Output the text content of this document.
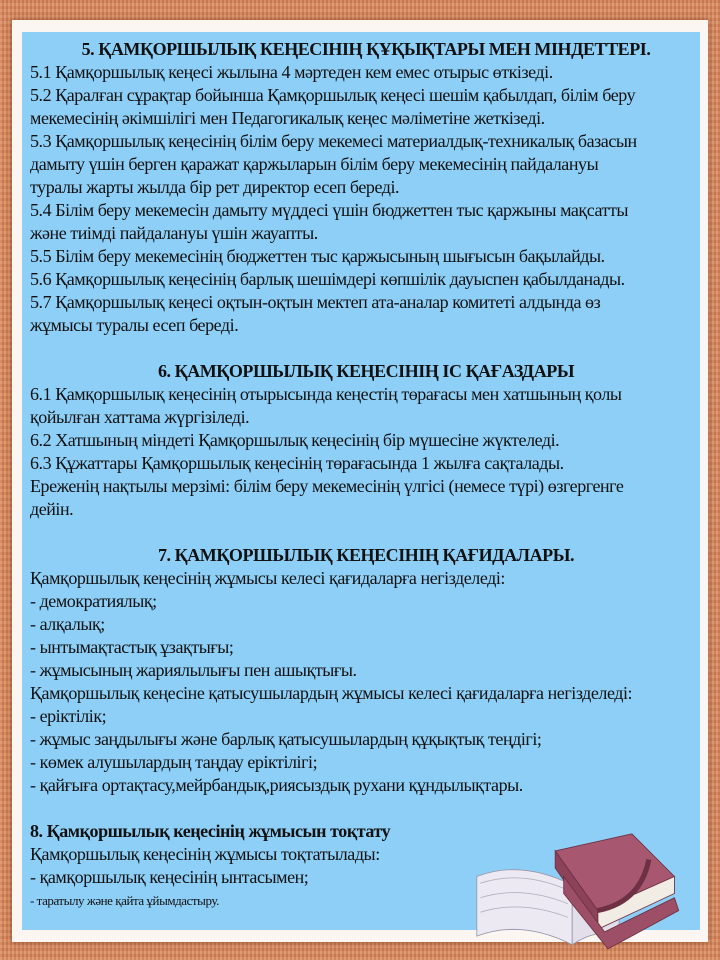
5. ҚАМҚОРШЫЛЫҚ КЕҢЕСІНІҢ ҚҰҚЫҚТАРЫ МЕН МІНДЕТТЕРІ.
5.1 Қамқоршылық кеңесі жылына 4 мәртеден кем емес отырыс өткізеді.
5.2 Қаралған сұрақтар бойынша Қамқоршылық кеңесі шешім қабылдап, білім беру
мекемесінің әкімшілігі мен Педагогикалық кеңес мәліметіне жеткізеді.
5.3 Қамқоршылық кеңесінің білім беру мекемесі материалдық-техникалық базасын
дамыту үшін берген қаражат қаржыларын білім беру мекемесінің пайдалануы
туралы жарты жылда бір рет директор есеп береді.
5.4 Білім беру мекемесін дамыту мүддесі үшін бюджеттен тыс қаржыны мақсатты
және тиімді пайдалануы үшін жауапты.
5.5 Білім беру мекемесінің бюджеттен тыс қаржысының шығысын бақылайды.
5.6 Қамқоршылық кеңесінің барлық шешімдері көпшілік дауыспен қабылданады.
5.7 Қамқоршылық кеңесі оқтын-оқтын мектеп ата-аналар комитеті алдында өз
жұмысы туралы есеп береді.
6. ҚАМҚОРШЫЛЫҚ КЕҢЕСІНІҢ ІС ҚАҒАЗДАРЫ
6.1 Қамқоршылық кеңесінің отырысында кеңестің төрағасы мен хатшының қолы
қойылған хаттама жүргізіледі.
6.2 Хатшының міндеті Қамқоршылық кеңесінің бір мүшесіне жүктеледі.
6.3 Құжаттары Қамқоршылық кеңесінің төрағасында 1 жылға сақталады.
Ереженің нақтылы мерзімі: білім беру мекемесінің үлгісі (немесе түрі) өзгергенге
дейін.
7. ҚАМҚОРШЫЛЫҚ КЕҢЕСІНІҢ ҚАҒИДАЛАРЫ.
Қамқоршылық кеңесінің жұмысы келесі қағидаларға негізделеді:
- демократиялық;
- алқалық;
- ынтымақтастық ұзақтығы;
- жұмысының жариялылығы пен ашықтығы.
Қамқоршылық кеңесіне қатысушылардың жұмысы келесі қағидаларға негізделеді:
- еріктілік;
- жұмыс заңдылығы және барлық қатысушылардың құқықтық теңдігі;
- көмек алушылардың таңдау еріктілігі;
- қайғыға ортақтасу,мейрбандық,риясыздық рухани құндылықтары.
8. Қамқоршылық кеңесінің жұмысын тоқтату
Қамқоршылық кеңесінің жұмысы тоқтатылады:
- қамқоршылық кеңесінің ынтасымен;
- таратылу және қайта ұйымдастыру.
